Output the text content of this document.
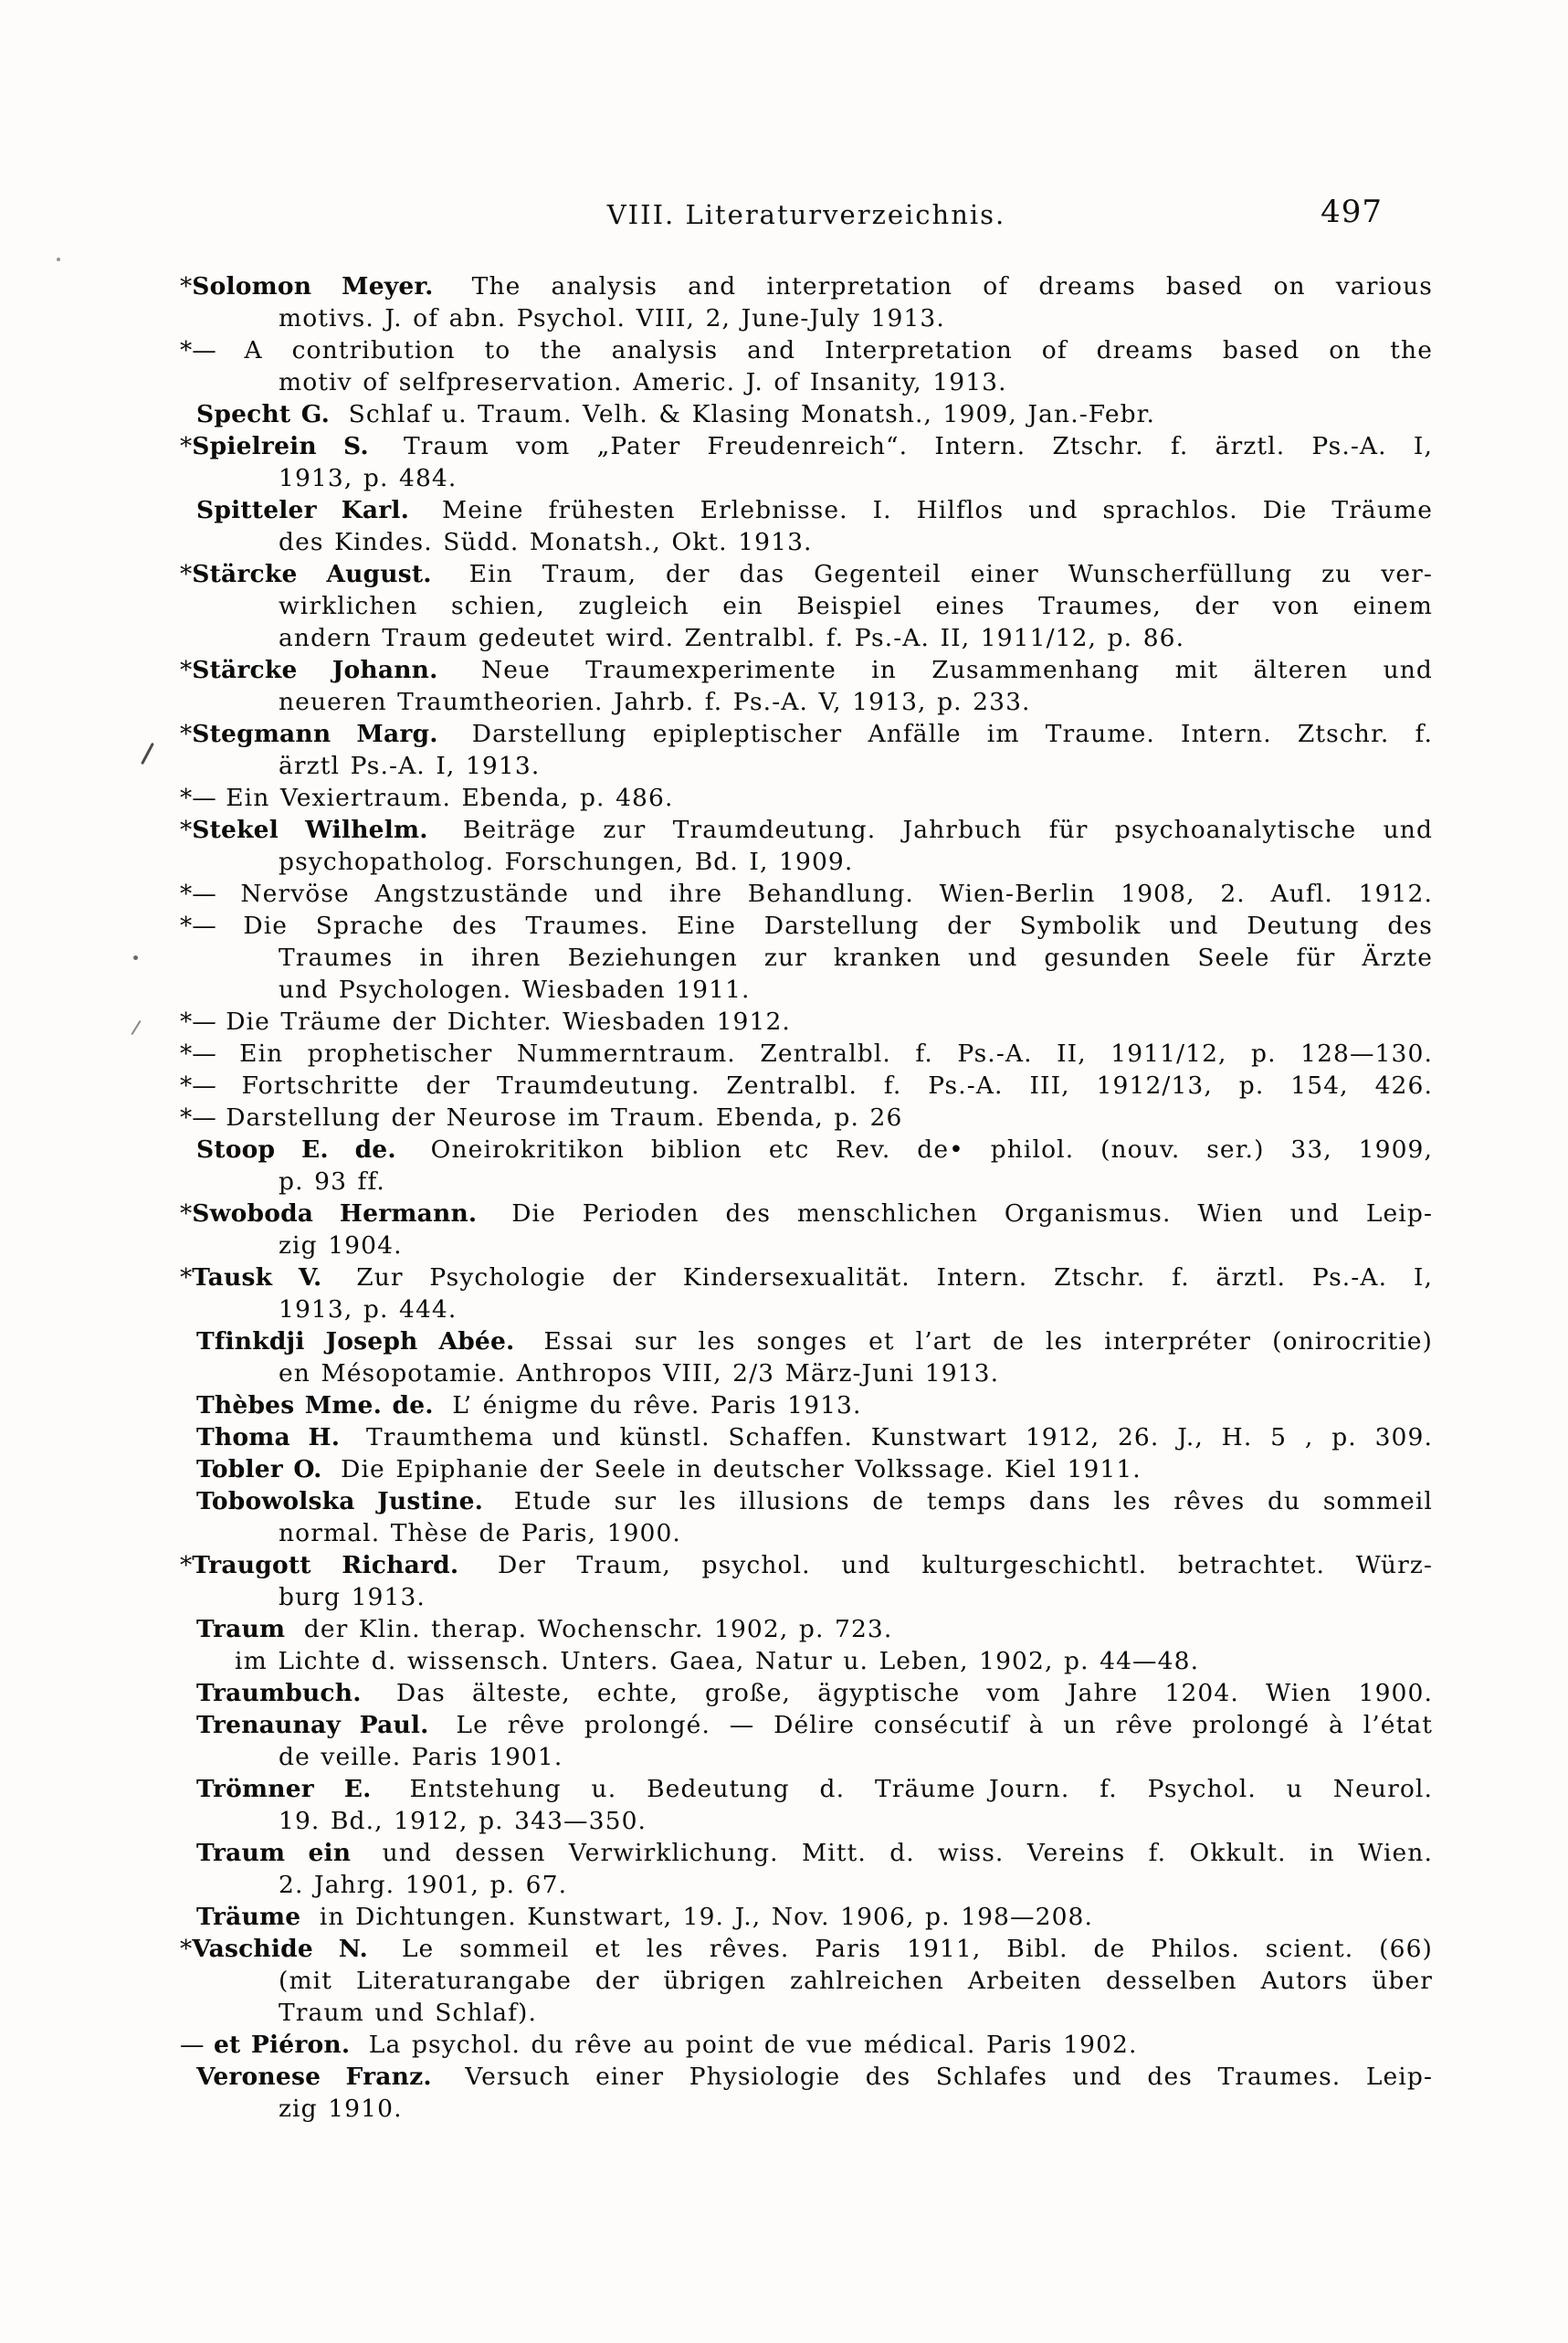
VIII. Literaturverzeichnis.	497

*Solomon Meyer. The analysis and interpretation of dreams based on various
motivs. J. of abn. Psychol. VIII, 2, June-July 1913.

*— A contribution to the analysis and Interpretation of dreams based on the
motiv of selfpreservation. Americ. J. of Insanity, 1913.

Specht G. Schlaf u. Traum. Velh. & Klasing Monatsh., 1909, Jan.-Febr.

*Spielrein S. Traum vom „Pater Freudenreich“. Intern. Ztschr. f. ärztl. Ps.-A. I,
1913, p. 484.

Spitteler Karl. Meine frühesten Erlebnisse. I. Hilflos und sprachlos. Die Träume
des Kindes. Südd. Monatsh., Okt. 1913.

*Stärcke August. Ein Traum, der das Gegenteil einer Wunscherfüllung zu ver-
wirklichen schien, zugleich ein Beispiel eines Traumes, der von einem
andern Traum gedeutet wird. Zentralbl. f. Ps.-A. II, 1911/12, p. 86.

*Stärcke Johann. Neue Traumexperimente in Zusammenhang mit älteren und
neueren Traumtheorien. Jahrb. f. Ps.-A. V, 1913, p. 233.

*Stegmann Marg. Darstellung epipleptischer Anfälle im Traume. Intern. Ztschr. f.
ärztl Ps.-A. I, 1913.

*— Ein Vexiertraum. Ebenda, p. 486.

*Stekel Wilhelm. Beiträge zur Traumdeutung. Jahrbuch für psychoanalytische und
psychopatholog. Forschungen, Bd. I, 1909.

*— Nervöse Angstzustände und ihre Behandlung. Wien-Berlin 1908, 2. Aufl. 1912.

*— Die Sprache des Traumes. Eine Darstellung der Symbolik und Deutung des
Traumes in ihren Beziehungen zur kranken und gesunden Seele für Ärzte
und Psychologen. Wiesbaden 1911.

*— Die Träume der Dichter. Wiesbaden 1912.

*— Ein prophetischer Nummerntraum. Zentralbl. f. Ps.-A. II, 1911/12, p. 128—130.

*— Fortschritte der Traumdeutung. Zentralbl. f. Ps.-A. III, 1912/13, p. 154, 426.

*— Darstellung der Neurose im Traum. Ebenda, p. 26

Stoop E. de. Oneirokritikon biblion etc Rev. de• philol. (nouv. ser.) 33, 1909,
p. 93 ff.

*Swoboda Hermann. Die Perioden des menschlichen Organismus. Wien und Leip-
zig 1904.

*Tausk V. Zur Psychologie der Kindersexualität. Intern. Ztschr. f. ärztl. Ps.-A. I,
1913, p. 444.

Tfinkdji Joseph Abée. Essai sur les songes et l’art de les interpréter (onirocritie)
en Mésopotamie. Anthropos VIII, 2/3 März-Juni 1913.

Thèbes Mme. de. L’ énigme du rêve. Paris 1913.

Thoma H. Traumthema und künstl. Schaffen. Kunstwart 1912, 26. J., H. 5 , p. 309.

Tobler O. Die Epiphanie der Seele in deutscher Volkssage. Kiel 1911.

Tobowolska Justine. Etude sur les illusions de temps dans les rêves du sommeil
normal. Thèse de Paris, 1900.

*Traugott Richard. Der Traum, psychol. und kulturgeschichtl. betrachtet. Würz-
burg 1913.

Traum der Klin. therap. Wochenschr. 1902, p. 723.

im Lichte d. wissensch. Unters. Gaea, Natur u. Leben, 1902, p. 44—48.

Traumbuch. Das älteste, echte, große, ägyptische vom Jahre 1204. Wien 1900.

Trenaunay Paul. Le rêve prolongé. — Délire consécutif à un rêve prolongé à l’état
de veille. Paris 1901.

Trömner E. Entstehung u. Bedeutung d. Träume Journ. f. Psychol. u Neurol.
19. Bd., 1912, p. 343—350.

Traum ein und dessen Verwirklichung. Mitt. d. wiss. Vereins f. Okkult. in Wien.
2. Jahrg. 1901, p. 67.

Träume in Dichtungen. Kunstwart, 19. J., Nov. 1906, p. 198—208.

*Vaschide N. Le sommeil et les rêves. Paris 1911, Bibl. de Philos. scient. (66)
(mit Literaturangabe der übrigen zahlreichen Arbeiten desselben Autors über
Traum und Schlaf).

— et Piéron. La psychol. du rêve au point de vue médical. Paris 1902.

Veronese Franz. Versuch einer Physiologie des Schlafes und des Traumes. Leip-
zig 1910.
